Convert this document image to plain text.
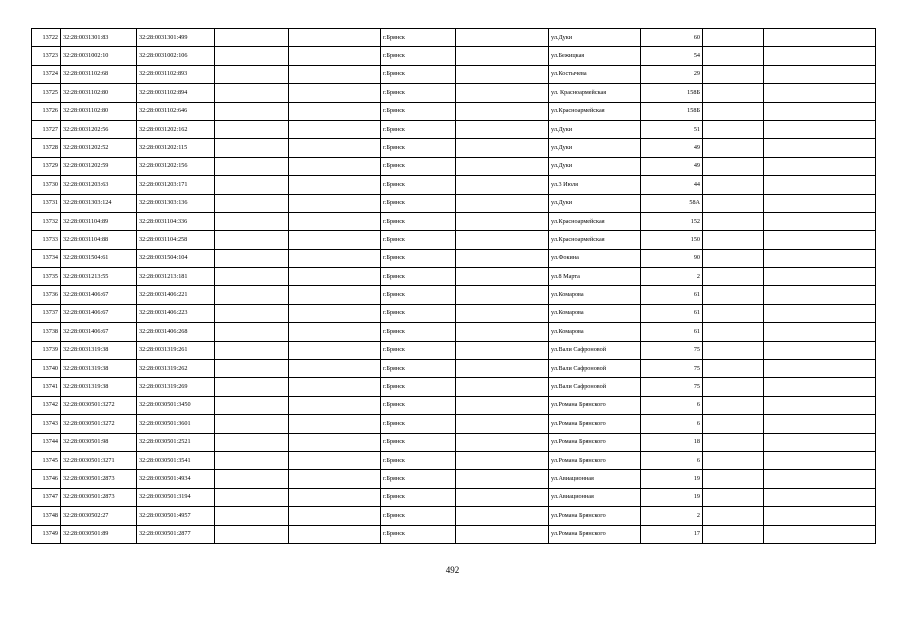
13722	32:28:0031301:83	32:28:0031301:499			г.Брянск		ул.Дуки	60		
13723	32:28:0031002:10	32:28:0031002:106			г.Брянск		ул.Бежицкая	54		
13724	32:28:0031102:68	32:28:0031102:893			г.Брянск		ул.Костычева	29		
13725	32:28:0031102:80	32:28:0031102:894			г.Брянск		ул. Красноармейская	158Б		
13726	32:28:0031102:80	32:28:0031102:646			г.Брянск		ул.Красноармейская	158Б		
13727	32:28:0031202:56	32:28:0031202:162			г.Брянск		ул.Дуки	51		
13728	32:28:0031202:52	32:28:0031202:115			г.Брянск		ул.Дуки	49		
13729	32:28:0031202:59	32:28:0031202:156			г.Брянск		ул.Дуки	49		
13730	32:28:0031203:63	32:28:0031203:171			г.Брянск		ул.3 Июля	44		
13731	32:28:0031303:124	32:28:0031303:136			г.Брянск		ул.Дуки	58А		
13732	32:28:0031104:89	32:28:0031104:336			г.Брянск		ул.Красноармейская	152		
13733	32:28:0031104:88	32:28:0031104:258			г.Брянск		ул.Красноармейская	150		
13734	32:28:0031504:61	32:28:0031504:104			г.Брянск		ул.Фокина	90		
13735	32:28:0031213:55	32:28:0031213:181			г.Брянск		ул.8 Марта	2		
13736	32:28:0031406:67	32:28:0031406:221			г.Брянск		ул.Комарова	61		
13737	32:28:0031406:67	32:28:0031406:223			г.Брянск		ул.Комарова	61		
13738	32:28:0031406:67	32:28:0031406:268			г.Брянск		ул.Комарова	61		
13739	32:28:0031319:38	32:28:0031319:261			г.Брянск		ул.Вали Сафроновой	75		
13740	32:28:0031319:38	32:28:0031319:262			г.Брянск		ул.Вали Сафроновой	75		
13741	32:28:0031319:38	32:28:0031319:269			г.Брянск		ул.Вали Сафроновой	75		
13742	32:28:0030501:3272	32:28:0030501:3450			г.Брянск		ул.Романа Брянского	6		
13743	32:28:0030501:3272	32:28:0030501:3601			г.Брянск		ул.Романа Брянского	6		
13744	32:28:0030501:98	32:28:0030501:2521			г.Брянск		ул.Романа Брянского	18		
13745	32:28:0030501:3271	32:28:0030501:3541			г.Брянск		ул.Романа Брянского	6		
13746	32:28:0030501:2873	32:28:0030501:4934			г.Брянск		ул.Авиационная	19		
13747	32:28:0030501:2873	32:28:0030501:3194			г.Брянск		ул.Авиационная	19		
13748	32:28:0030502:27	32:28:0030501:4957			г.Брянск		ул.Романа Брянского	2		
13749	32:28:0030501:89	32:28:0030501:2877			г.Брянск		ул.Романа Брянского	17		
492
